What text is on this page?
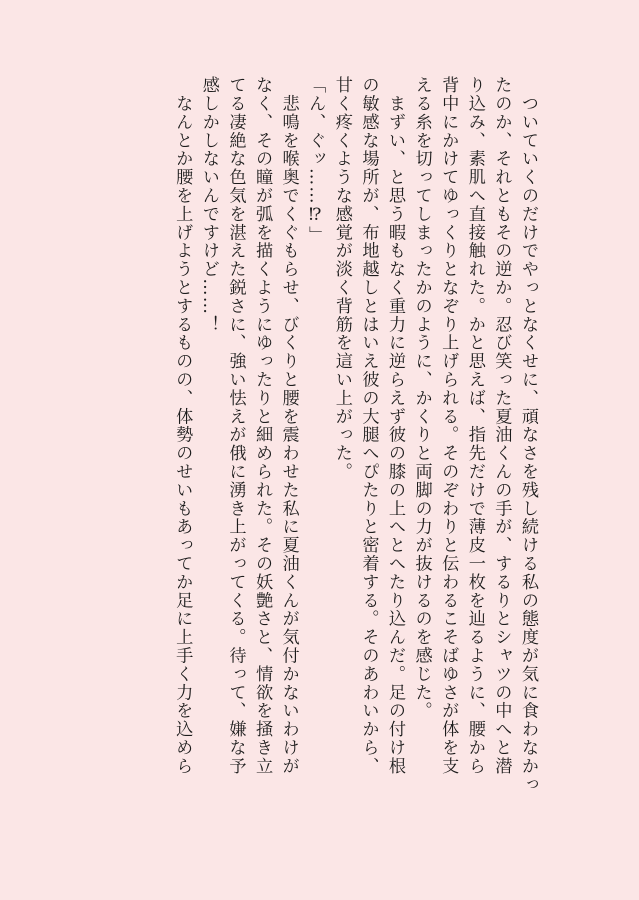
　ついていくのだけでやっとなくせに、頑なさを残し続ける私の態度が気に食わなかっ
たのか、それともその逆か。忍び笑った夏油くんの手が、するりとシャツの中へと潜
り込み、素肌へ直接触れた。かと思えば、指先だけで薄皮一枚を辿るように、腰から
背中にかけてゆっくりとなぞり上げられる。そのぞわりと伝わるこそばゆさが体を支
える糸を切ってしまったかのように、かくりと両脚の力が抜けるのを感じた。
　まずい、と思う暇もなく重力に逆らえず彼の膝の上へとへたり込んだ。足の付け根
の敏感な場所が、布地越しとはいえ彼の大腿へぴたりと密着する。そのあわいから、
甘く疼くような感覚が淡く背筋を這い上がった。
「ん、ぐッ……⁉」
　悲鳴を喉奥でくぐもらせ、びくりと腰を震わせた私に夏油くんが気付かないわけが
なく、その瞳が弧を描くようにゆったりと細められた。その妖艶さと、情欲を掻き立
てる凄絶な色気を湛えた鋭さに、強い怯えが俄に湧き上がってくる。待って、嫌な予
感しかしないんですけど……！
　なんとか腰を上げようとするものの、体勢のせいもあってか足に上手く力を込めら
